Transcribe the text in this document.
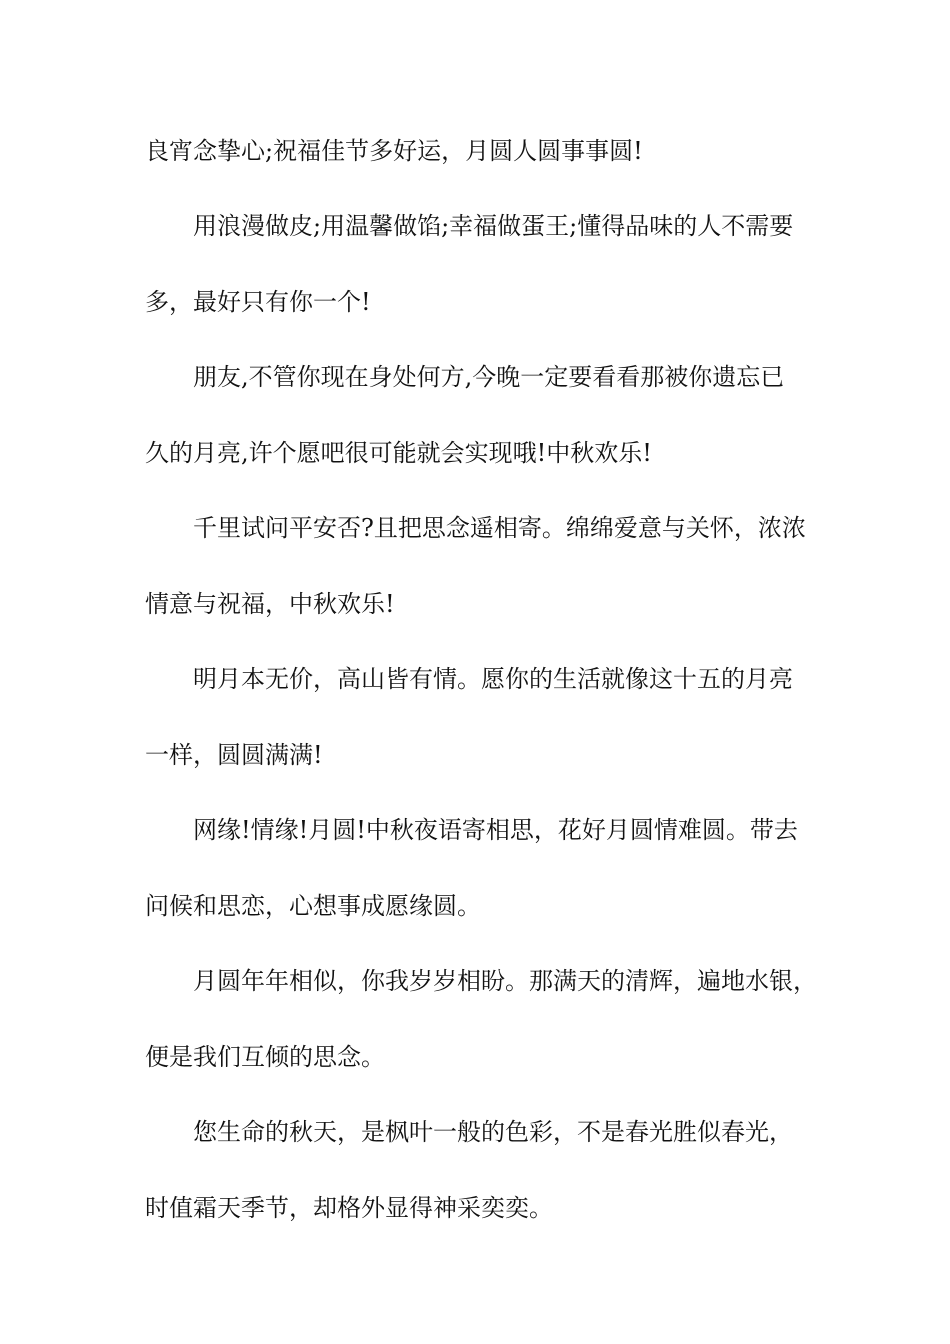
良宵念挚心;祝福佳节多好运，月圆人圆事事圆!

用浪漫做皮;用温馨做馅;幸福做蛋王;懂得品味的人不需要

多，最好只有你一个!

朋友,不管你现在身处何方,今晚一定要看看那被你遗忘已

久的月亮,许个愿吧很可能就会实现哦!中秋欢乐!

千里试问平安否?且把思念遥相寄。绵绵爱意与关怀，浓浓

情意与祝福，中秋欢乐!

明月本无价，高山皆有情。愿你的生活就像这十五的月亮

一样，圆圆满满!

网缘!情缘!月圆!中秋夜语寄相思，花好月圆情难圆。带去

问候和思恋，心想事成愿缘圆。

月圆年年相似，你我岁岁相盼。那满天的清辉，遍地水银，

便是我们互倾的思念。

您生命的秋天，是枫叶一般的色彩，不是春光胜似春光，

时值霜天季节，却格外显得神采奕奕。
